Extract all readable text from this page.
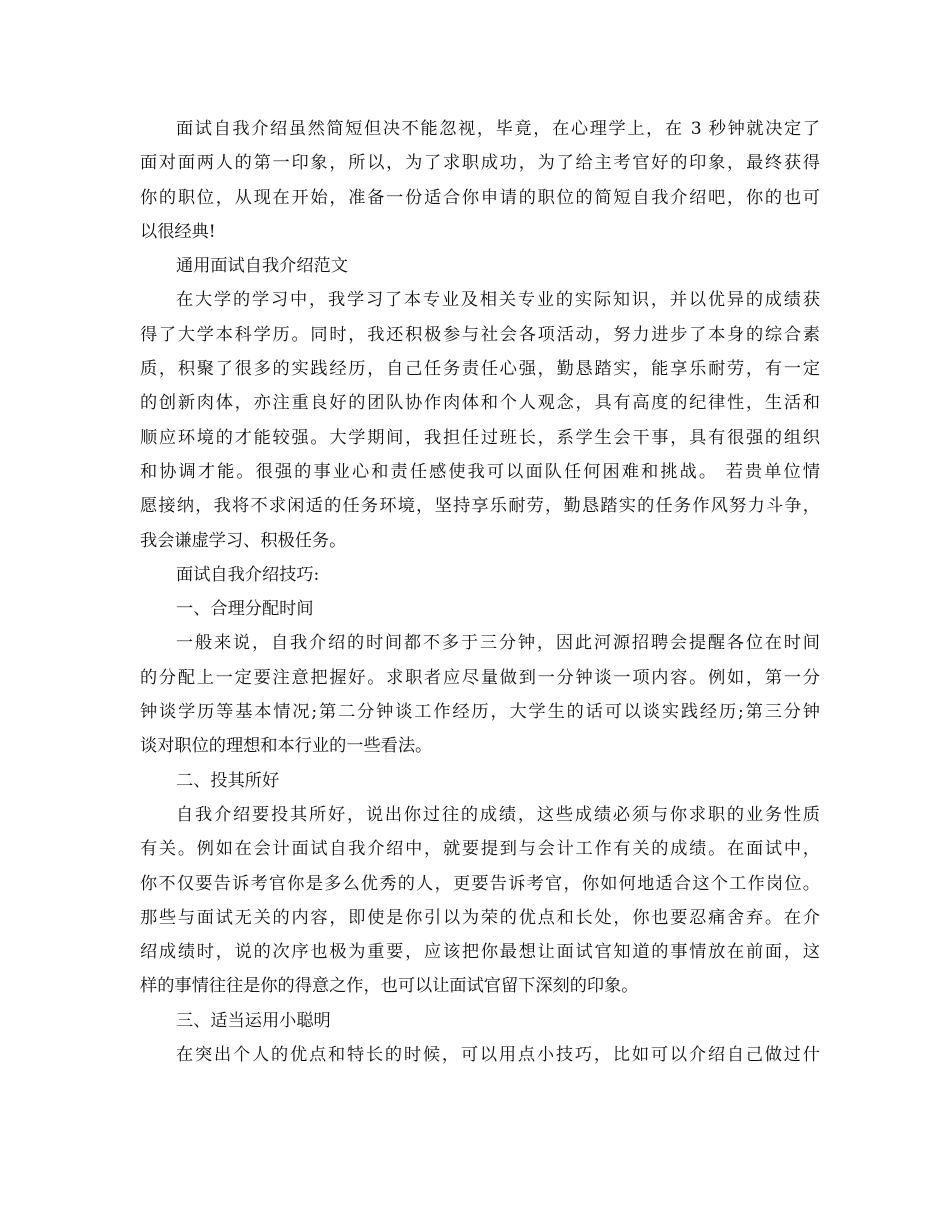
面试自我介绍虽然简短但决不能忽视，毕竟，在心理学上，在 3 秒钟就决定了
面对面两人的第一印象，所以，为了求职成功，为了给主考官好的印象，最终获得
你的职位，从现在开始，准备一份适合你申请的职位的简短自我介绍吧，你的也可
以很经典!
通用面试自我介绍范文
在大学的学习中，我学习了本专业及相关专业的实际知识，并以优异的成绩获
得了大学本科学历。同时，我还积极参与社会各项活动，努力进步了本身的综合素
质，积聚了很多的实践经历，自己任务责任心强，勤恳踏实，能享乐耐劳，有一定
的创新肉体，亦注重良好的团队协作肉体和个人观念，具有高度的纪律性，生活和
顺应环境的才能较强。大学期间，我担任过班长，系学生会干事，具有很强的组织
和协调才能。很强的事业心和责任感使我可以面队任何困难和挑战。 若贵单位情
愿接纳，我将不求闲适的任务环境，坚持享乐耐劳，勤恳踏实的任务作风努力斗争，
我会谦虚学习、积极任务。
面试自我介绍技巧:
一、合理分配时间
一般来说，自我介绍的时间都不多于三分钟，因此河源招聘会提醒各位在时间
的分配上一定要注意把握好。求职者应尽量做到一分钟谈一项内容。例如，第一分
钟谈学历等基本情况;第二分钟谈工作经历，大学生的话可以谈实践经历;第三分钟
谈对职位的理想和本行业的一些看法。
二、投其所好
自我介绍要投其所好，说出你过往的成绩，这些成绩必须与你求职的业务性质
有关。例如在会计面试自我介绍中，就要提到与会计工作有关的成绩。在面试中，
你不仅要告诉考官你是多么优秀的人，更要告诉考官，你如何地适合这个工作岗位。
那些与面试无关的内容，即使是你引以为荣的优点和长处，你也要忍痛舍弃。在介
绍成绩时，说的次序也极为重要，应该把你最想让面试官知道的事情放在前面，这
样的事情往往是你的得意之作，也可以让面试官留下深刻的印象。
三、适当运用小聪明
在突出个人的优点和特长的时候，可以用点小技巧，比如可以介绍自己做过什
